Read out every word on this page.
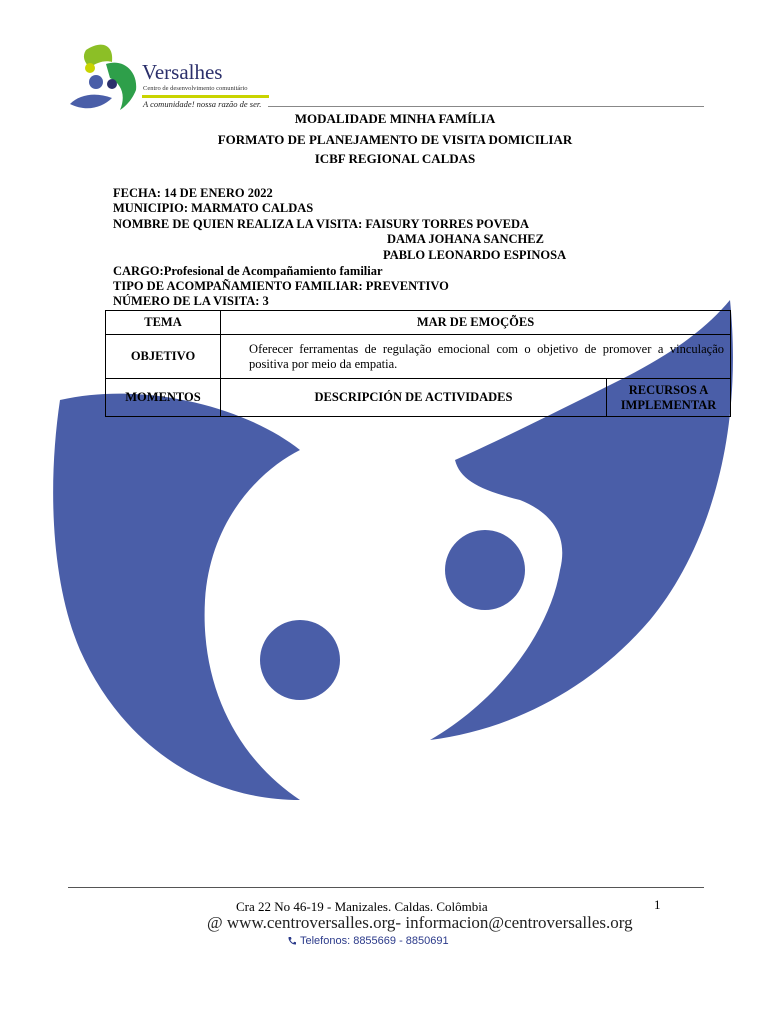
Versalhes
Centro de desenvolvimento comunitário
A comunidade! nossa razão de ser.
MODALIDADE MINHA FAMÍLIA
FORMATO DE PLANEJAMENTO DE VISITA DOMICILIAR
ICBF REGIONAL CALDAS
FECHA: 14 DE ENERO 2022
MUNICIPIO: MARMATO CALDAS
NOMBRE DE QUIEN REALIZA LA VISITA: FAISURY TORRES POVEDA
DAMA JOHANA SANCHEZ
PABLO LEONARDO ESPINOSA
CARGO:Profesional de Acompañamiento familiar
TIPO DE ACOMPAÑAMIENTO FAMILIAR: PREVENTIVO
NÚMERO DE LA VISITA: 3
TEMA	MAR DE EMOÇÕES	
OBJETIVO	Oferecer ferramentas de regulação emocional com o objetivo de promover a vinculação positiva por meio da empatia.	

MOMENTOS	DESCRIPCIÓN DE ACTIVIDADES	RECURSOS A IMPLEMENTAR
Cra 22 No 46-19 - Manizales. Caldas. Colômbia	1
@ www.centroversalles.org- informacion@centroversalles.org
Telefonos: 8855669 - 8850691
